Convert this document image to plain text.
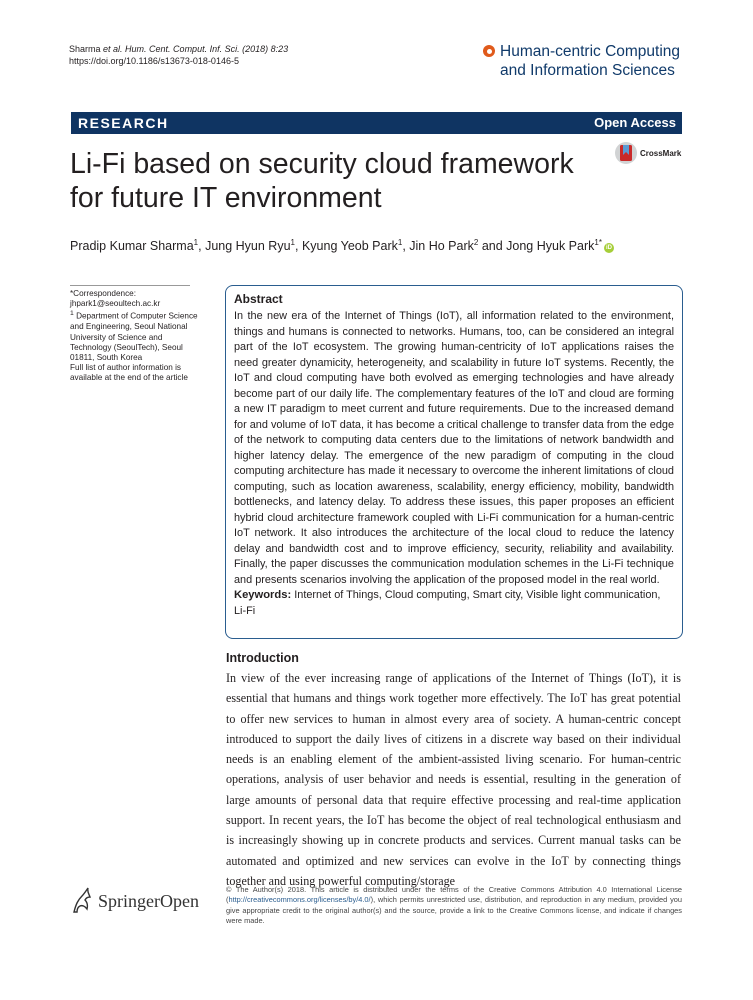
Sharma et al. Hum. Cent. Comput. Inf. Sci. (2018) 8:23
https://doi.org/10.1186/s13673-018-0146-5
Human-centric Computing
and Information Sciences
RESEARCH	Open Access
Li-Fi based on security cloud framework
for future IT environment
CrossMark
Pradip Kumar Sharma$^1$, Jung Hyun Ryu$^1$, Kyung Yeob Park$^1$, Jin Ho Park$^2$ and Jong Hyuk Park$^{1*}$iD
*Correspondence:
jhpark1@seoultech.ac.kr
$^1$ Department of Computer Science and Engineering, Seoul National University of Science and Technology (SeoulTech), Seoul 01811, South Korea
Full list of author information is available at the end of the article
Abstract
In the new era of the Internet of Things (IoT), all information related to the environment, things and humans is connected to networks. Humans, too, can be considered an integral part of the IoT ecosystem. The growing human-centricity of IoT applications raises the need greater dynamicity, heterogeneity, and scalability in future IoT systems. Recently, the IoT and cloud computing have both evolved as emerging technologies and have already become part of our daily life. The complementary features of the IoT and cloud are forming a new IT paradigm to meet current and future requirements. Due to the increased demand for and volume of IoT data, it has become a critical challenge to transfer data from the edge of the network to computing data centers due to the limitations of network bandwidth and higher latency delay. The emergence of the new paradigm of computing in the cloud computing architecture has made it necessary to overcome the inherent limitations of cloud computing, such as location awareness, scalability, energy efficiency, mobility, bandwidth bottlenecks, and latency delay. To address these issues, this paper proposes an efficient hybrid cloud architecture framework coupled with Li-Fi communication for a human-centric IoT network. It also introduces the architecture of the local cloud to reduce the latency delay and bandwidth cost and to improve efficiency, security, reliability and availability. Finally, the paper discusses the communication modulation schemes in the Li-Fi technique and presents scenarios involving the application of the proposed model in the real world.
Keywords: Internet of Things, Cloud computing, Smart city, Visible light communication, Li-Fi
Introduction
In view of the ever increasing range of applications of the Internet of Things (IoT), it is essential that humans and things work together more effectively. The IoT has great potential to offer new services to human in almost every area of society. A human-centric concept introduced to support the daily lives of citizens in a discrete way based on their individual needs is an enabling element of the ambient-assisted living scenario. For human-centric operations, analysis of user behavior and needs is essential, resulting in the generation of large amounts of personal data that require effective processing and real-time application support. In recent years, the IoT has become the object of real technological enthusiasm and is increasingly showing up in concrete products and services. Current manual tasks can be automated and optimized and new services can evolve in the IoT by connecting things together and using powerful computing/storage
SpringerOpen
© The Author(s) 2018. This article is distributed under the terms of the Creative Commons Attribution 4.0 International License (http://creativecommons.org/licenses/by/4.0/), which permits unrestricted use, distribution, and reproduction in any medium, provided you give appropriate credit to the original author(s) and the source, provide a link to the Creative Commons license, and indicate if changes were made.
